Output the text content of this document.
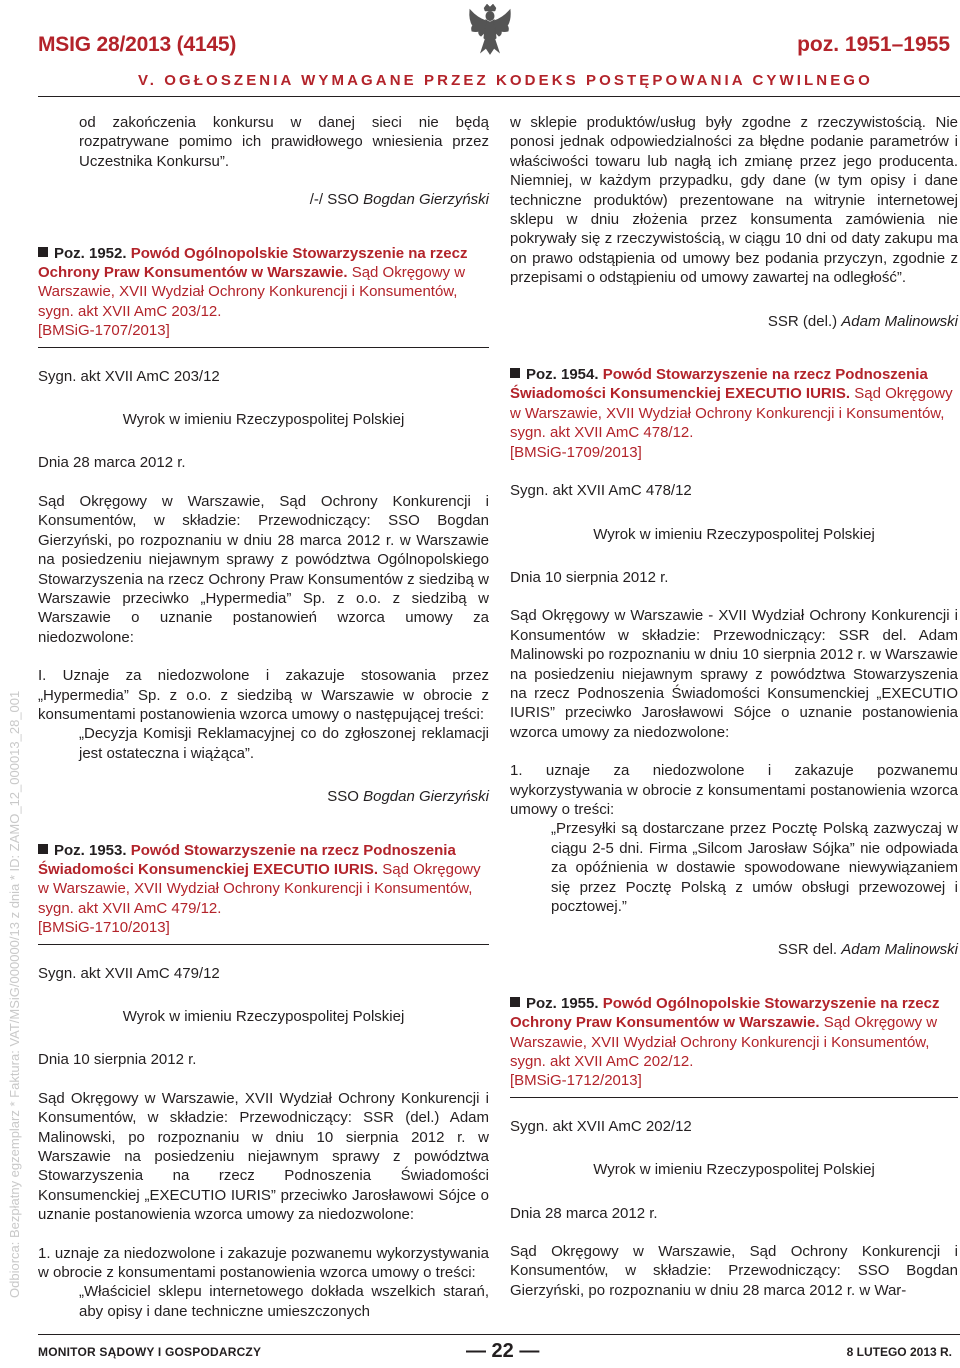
MSIG 28/2013 (4145)	poz. 1951–1955
V. OGŁOSZENIA WYMAGANE PRZEZ KODEKS POSTĘPOWANIA CYWILNEGO
Odbiorca: Bezpłatny egzemplarz * Faktura: VAT/MSiG/000000/13 z dnia * ID: ZAMO_12_000013_28_001

od zakończenia konkursu w danej sieci nie będą rozpatrywane pomimo ich prawidłowego wniesienia przez Uczestnika Konkursu”.

/-/ SSO Bogdan Gierzyński

Poz. 1952. Powód Ogólnopolskie Stowarzyszenie na rzecz Ochrony Praw Konsumentów w Warszawie. Sąd Okręgowy w Warszawie, XVII Wydział Ochrony Konkurencji i Konsumentów, sygn. akt XVII AmC 203/12.

[BMSiG-1707/2013]

Sygn. akt XVII AmC 203/12

Wyrok w imieniu Rzeczypospolitej Polskiej

Dnia 28 marca 2012 r.

Sąd Okręgowy w Warszawie, Sąd Ochrony Konkurencji i Konsumentów, w składzie: Przewodniczący: SSO Bogdan Gierzyński, po rozpoznaniu w dniu 28 marca 2012 r. w Warszawie na posiedzeniu niejawnym sprawy z powództwa Ogólnopolskiego Stowarzyszenia na rzecz Ochrony Praw Konsumentów z siedzibą w Warszawie przeciwko „Hypermedia” Sp. z o.o. z siedzibą w Warszawie o uznanie postanowień wzorca umowy za niedozwolone:

I. Uznaje za niedozwolone i zakazuje stosowania przez „Hypermedia” Sp. z o.o. z siedzibą w Warszawie w obrocie z konsumentami postanowienia wzorca umowy o następującej treści:

„Decyzja Komisji Reklamacyjnej co do zgłoszonej reklamacji jest ostateczna i wiążąca”.

SSO Bogdan Gierzyński

Poz. 1953. Powód Stowarzyszenie na rzecz Podnoszenia Świadomości Konsumenckiej EXECUTIO IURIS. Sąd Okręgowy w Warszawie, XVII Wydział Ochrony Konkurencji i Konsumentów, sygn. akt XVII AmC 479/12.

[BMSiG-1710/2013]

Sygn. akt XVII AmC 479/12

Wyrok w imieniu Rzeczypospolitej Polskiej

Dnia 10 sierpnia 2012 r.

Sąd Okręgowy w Warszawie, XVII Wydział Ochrony Konkurencji i Konsumentów, w składzie: Przewodniczący: SSR (del.) Adam Malinowski, po rozpoznaniu w dniu 10 sierpnia 2012 r. w Warszawie na posiedzeniu niejawnym sprawy z powództwa Stowarzyszenia na rzecz Podnoszenia Świadomości Konsumenckiej „EXECUTIO IURIS” przeciwko Jarosławowi Sójce o uznanie postanowienia wzorca umowy za niedozwolone:

1. uznaje za niedozwolone i zakazuje pozwanemu wykorzystywania w obrocie z konsumentami postanowienia wzorca umowy o treści:

„Właściciel sklepu internetowego dokłada wszelkich starań, aby opisy i dane techniczne umieszczonych

w sklepie produktów/usług były zgodne z rzeczywistością. Nie ponosi jednak odpowiedzialności za błędne podanie parametrów i właściwości towaru lub nagłą ich zmianę przez jego producenta. Niemniej, w każdym przypadku, gdy dane (w tym opisy i dane techniczne produktów) prezentowane na witrynie internetowej sklepu w dniu złożenia przez konsumenta zamówienia nie pokrywały się z rzeczywistością, w ciągu 10 dni od daty zakupu ma on prawo odstąpienia od umowy bez podania przyczyn, zgodnie z przepisami o odstąpieniu od umowy zawartej na odległość”.

SSR (del.) Adam Malinowski

Poz. 1954. Powód Stowarzyszenie na rzecz Podnoszenia Świadomości Konsumenckiej EXECUTIO IURIS. Sąd Okręgowy w Warszawie, XVII Wydział Ochrony Konkurencji i Konsumentów, sygn. akt XVII AmC 478/12.

[BMSiG-1709/2013]

Sygn. akt XVII AmC 478/12

Wyrok w imieniu Rzeczypospolitej Polskiej

Dnia 10 sierpnia 2012 r.

Sąd Okręgowy w Warszawie - XVII Wydział Ochrony Konkurencji i Konsumentów w składzie: Przewodniczący: SSR del. Adam Malinowski po rozpoznaniu w dniu 10 sierpnia 2012 r. w Warszawie na posiedzeniu niejawnym sprawy z powództwa Stowarzyszenia na rzecz Podnoszenia Świadomości Konsumenckiej „EXECUTIO IURIS” przeciwko Jarosławowi Sójce o uznanie postanowienia wzorca umowy za niedozwolone:

1. uznaje za niedozwolone i zakazuje pozwanemu wykorzystywania w obrocie z konsumentami postanowienia wzorca umowy o treści:

„Przesyłki są dostarczane przez Pocztę Polską zazwyczaj w ciągu 2-5 dni. Firma „Silcom Jarosław Sójka” nie odpowiada za opóźnienia w dostawie spowodowane niewywiązaniem się przez Pocztę Polską z umów obsługi przewozowej i pocztowej.”

SSR del. Adam Malinowski

Poz. 1955. Powód Ogólnopolskie Stowarzyszenie na rzecz Ochrony Praw Konsumentów w Warszawie. Sąd Okręgowy w Warszawie, XVII Wydział Ochrony Konkurencji i Konsumentów, sygn. akt XVII AmC 202/12.

[BMSiG-1712/2013]

Sygn. akt XVII AmC 202/12

Wyrok w imieniu Rzeczypospolitej Polskiej

Dnia 28 marca 2012 r.

Sąd Okręgowy w Warszawie, Sąd Ochrony Konkurencji i Konsumentów, w składzie: Przewodniczący: SSO Bogdan Gierzyński, po rozpoznaniu w dniu 28 marca 2012 r. w War-

MONITOR SĄDOWY I GOSPODARCZY	— 22 —	8 LUTEGO 2013 R.
